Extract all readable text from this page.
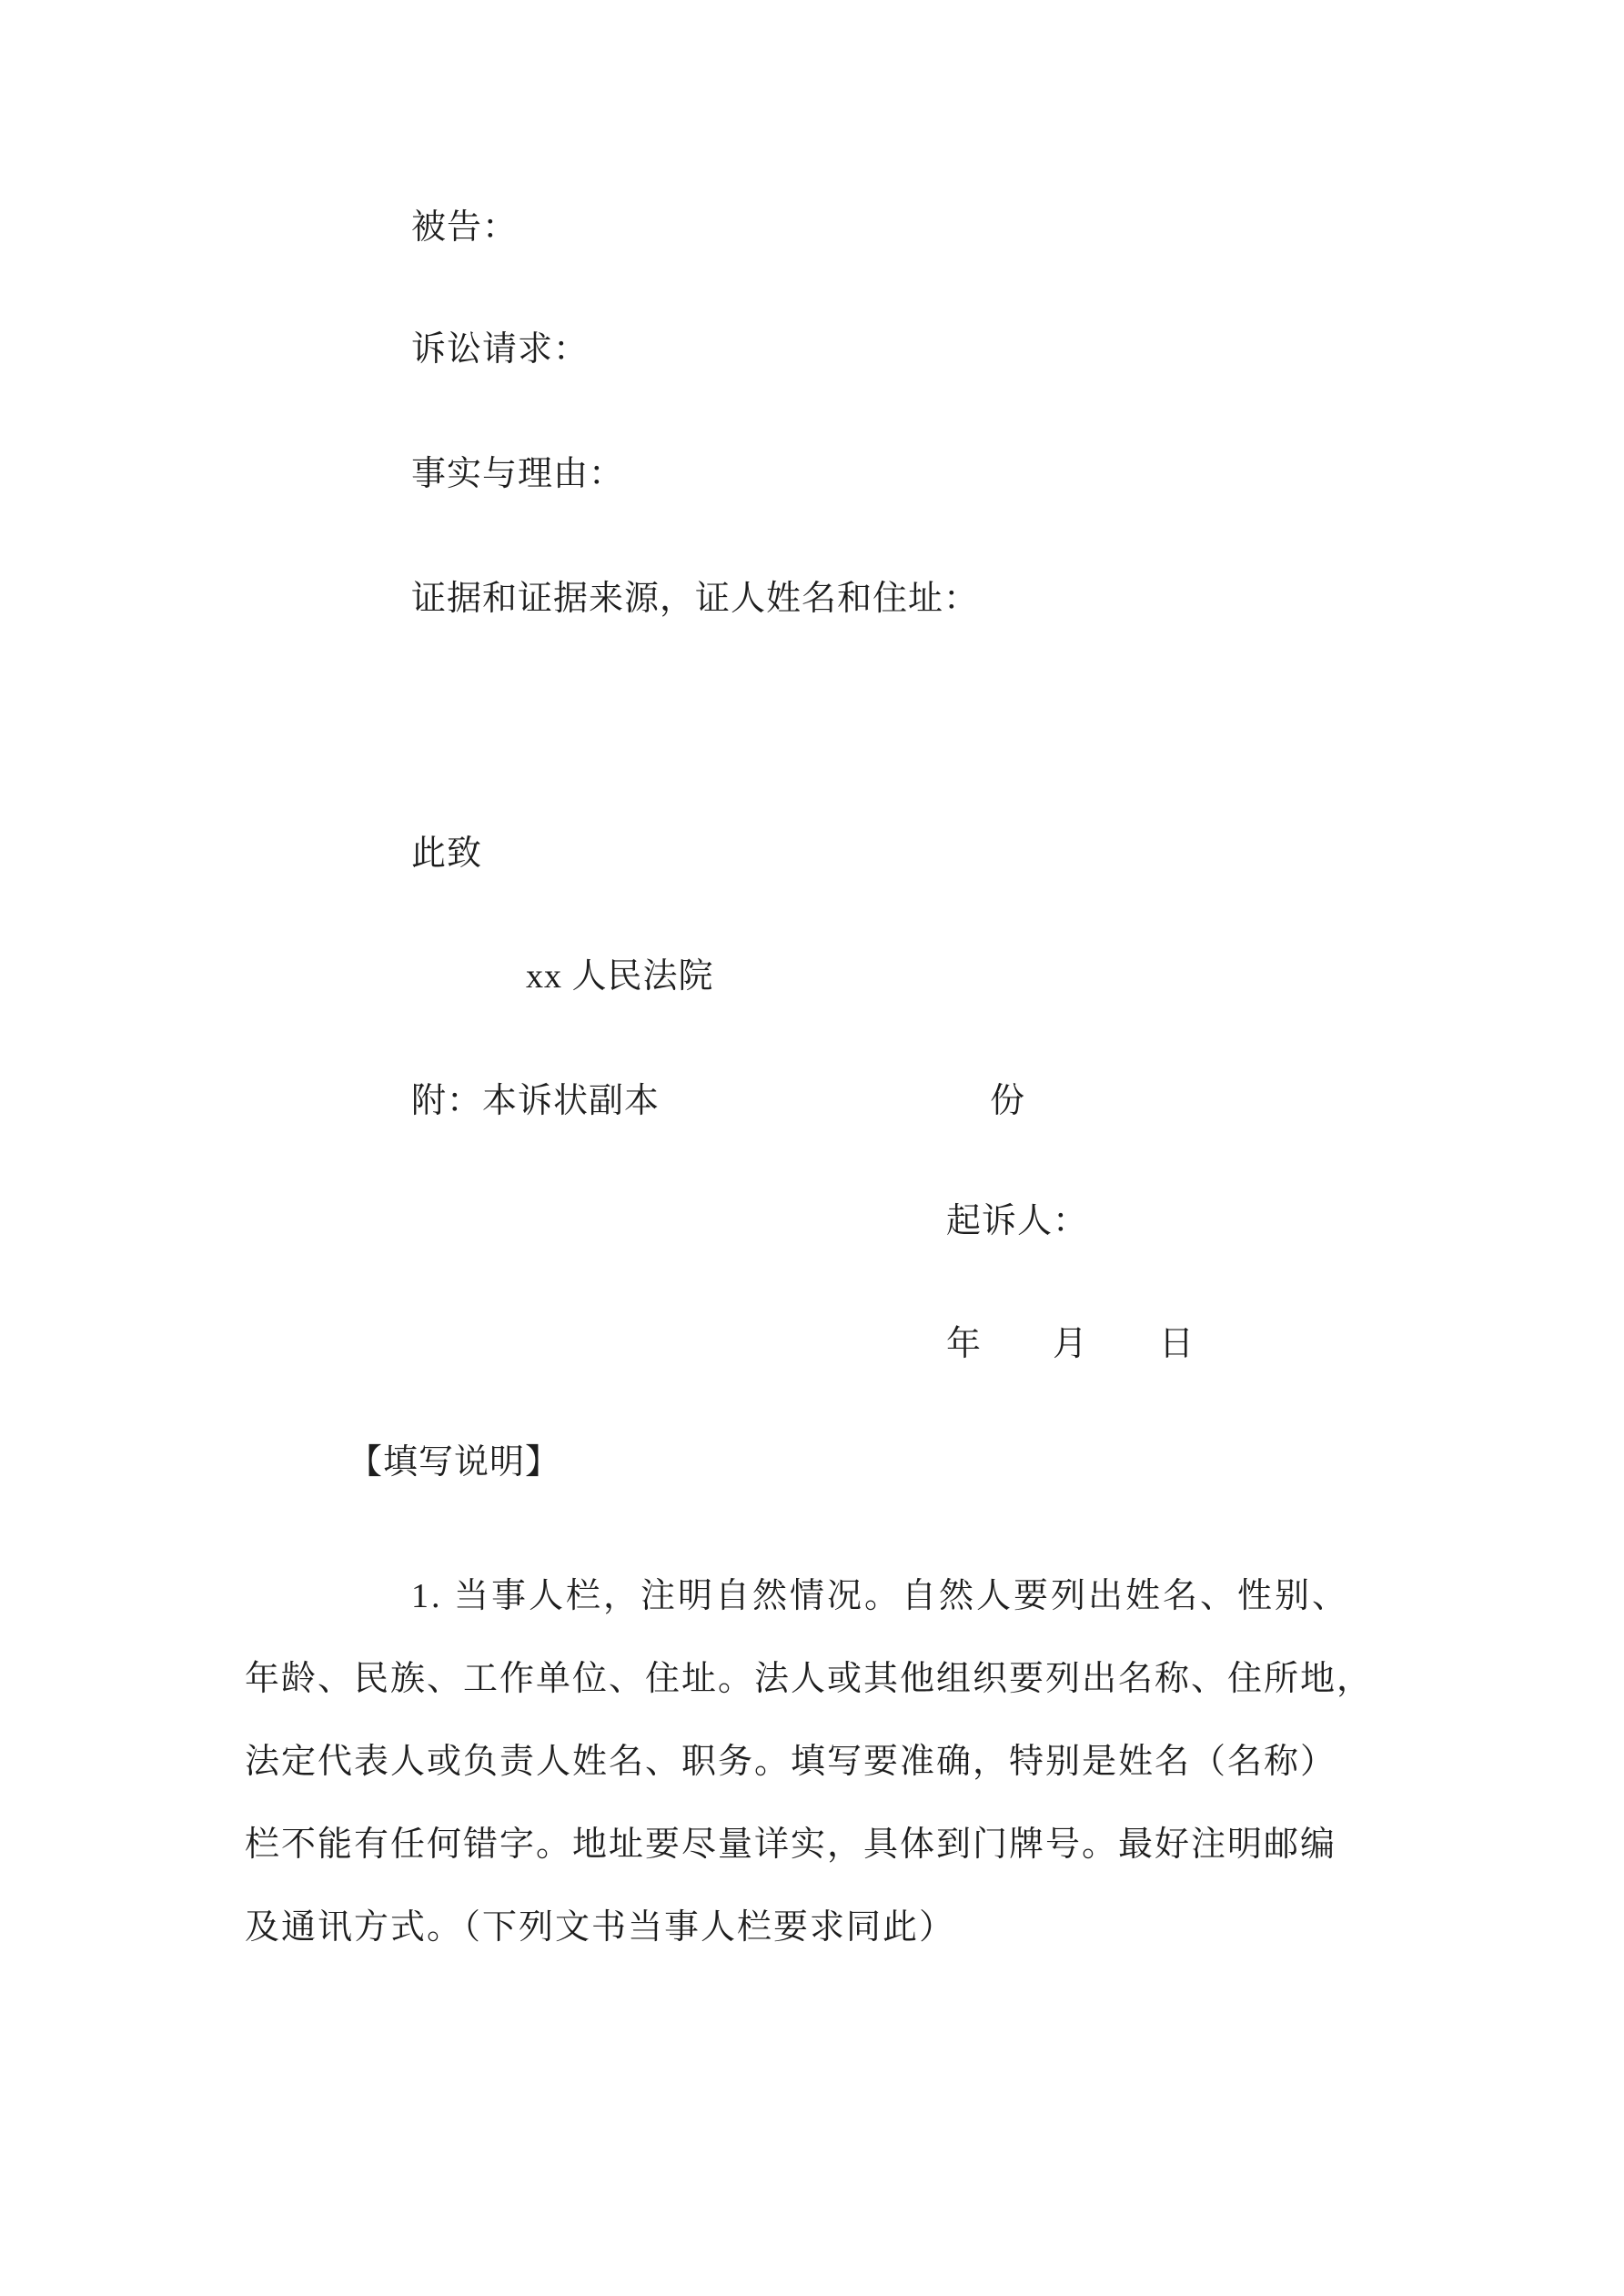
被告：
诉讼请求：
事实与理由：
证据和证据来源，证人姓名和住址：
此致
xx 人民法院
附：本诉状副本	份
起诉人：
年　　月　　日
【填写说明】
1. 当事人栏，注明自然情况。自然人要列出姓名、性别、
年龄、民族、工作单位、住址。法人或其他组织要列出名称、住所地，
法定代表人或负责人姓名、职务。填写要准确，特别是姓名（名称）
栏不能有任何错字。地址要尽量详实，具体到门牌号。最好注明邮编
及通讯方式。（下列文书当事人栏要求同此）
